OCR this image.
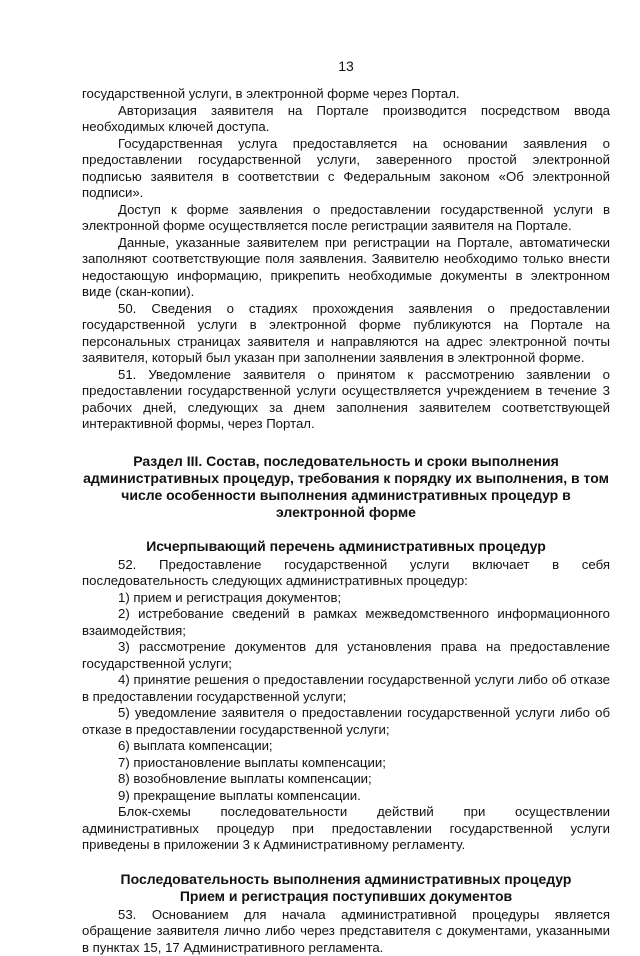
13

государственной услуги, в электронной форме через Портал.

Авторизация заявителя на Портале производится посредством ввода необходимых ключей доступа.

Государственная услуга предоставляется на основании заявления о предоставлении государственной услуги, заверенного простой электронной подписью заявителя в соответствии с Федеральным законом «Об электронной подписи».

Доступ к форме заявления о предоставлении государственной услуги в электронной форме осуществляется после регистрации заявителя на Портале.

Данные, указанные заявителем при регистрации на Портале, автоматически заполняют соответствующие поля заявления. Заявителю необходимо только внести недостающую информацию, прикрепить необходимые документы в электронном виде (скан-копии).

50. Сведения о стадиях прохождения заявления о предоставлении государственной услуги в электронной форме публикуются на Портале на персональных страницах заявителя и направляются на адрес электронной почты заявителя, который был указан при заполнении заявления в электронной форме.

51. Уведомление заявителя о принятом к рассмотрению заявлении о предоставлении государственной услуги осуществляется учреждением в течение 3 рабочих дней, следующих за днем заполнения заявителем соответствующей интерактивной формы, через Портал.

Раздел III. Состав, последовательность и сроки выполнения административных процедур, требования к порядку их выполнения, в том числе особенности выполнения административных процедур в электронной форме
Исчерпывающий перечень административных процедур

52. Предоставление государственной услуги включает в себя последовательность следующих административных процедур:

1) прием и регистрация документов;

2) истребование сведений в рамках межведомственного информационного взаимодействия;

3) рассмотрение документов для установления права на предоставление государственной услуги;

4) принятие решения о предоставлении государственной услуги либо об отказе в предоставлении государственной услуги;

5) уведомление заявителя о предоставлении государственной услуги либо об отказе в предоставлении государственной услуги;

6) выплата компенсации;

7) приостановление выплаты компенсации;

8) возобновление выплаты компенсации;

9) прекращение выплаты компенсации.

Блок-схемы последовательности действий при осуществлении административных процедур при предоставлении государственной услуги приведены в приложении 3 к Административному регламенту.

Последовательность выполнения административных процедур
Прием и регистрация поступивших документов

53. Основанием для начала административной процедуры является обращение заявителя лично либо через представителя с документами, указанными в пунктах 15, 17 Административного регламента.
